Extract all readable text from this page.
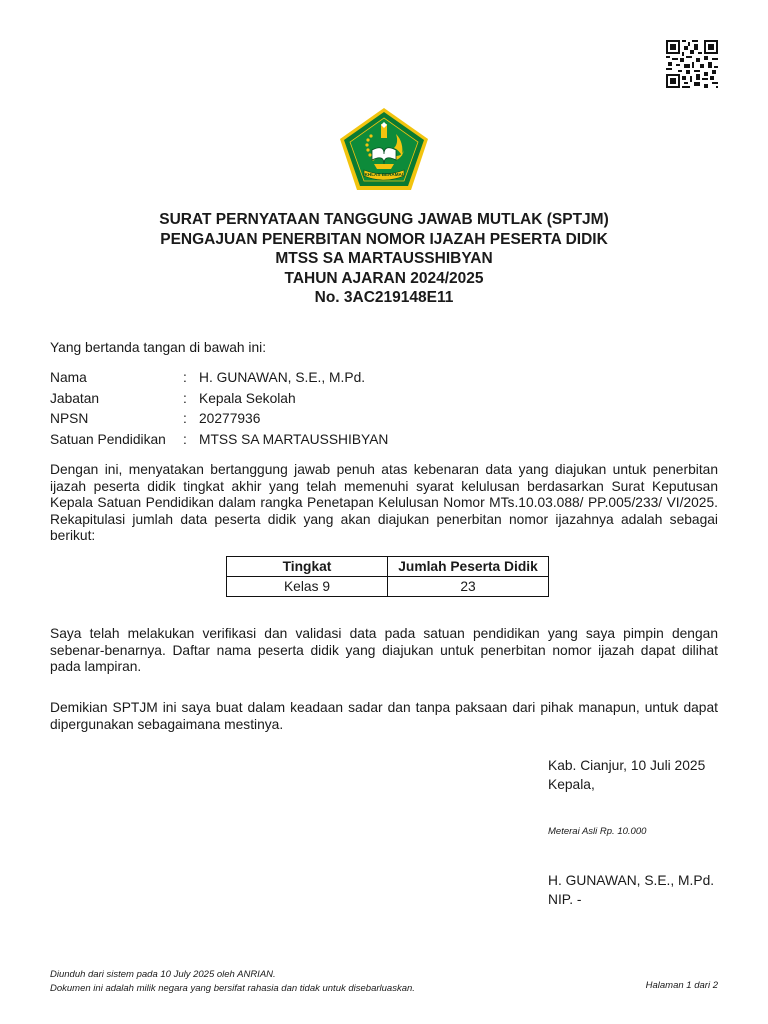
IKHLAS BERAMAL
SURAT PERNYATAAN TANGGUNG JAWAB MUTLAK (SPTJM)
PENGAJUAN PENERBITAN NOMOR IJAZAH PESERTA DIDIK
MTSS SA MARTAUSSHIBYAN
TAHUN AJARAN 2024/2025
No. 3AC219148E11
Yang bertanda tangan di bawah ini:
Nama	:	H. GUNAWAN, S.E., M.Pd.
Jabatan	:	Kepala Sekolah
NPSN	:	20277936
Satuan Pendidikan	:	MTSS SA MARTAUSSHIBYAN
Dengan ini, menyatakan bertanggung jawab penuh atas kebenaran data yang diajukan untuk penerbitan ijazah peserta didik tingkat akhir yang telah memenuhi syarat kelulusan berdasarkan Surat Keputusan Kepala Satuan Pendidikan dalam rangka Penetapan Kelulusan Nomor MTs.10.03.088/ PP.005/233/ VI/2025. Rekapitulasi jumlah data peserta didik yang akan diajukan penerbitan nomor ijazahnya adalah sebagai berikut:
Tingkat	Jumlah Peserta Didik
Kelas 9	23
Saya telah melakukan verifikasi dan validasi data pada satuan pendidikan yang saya pimpin dengan sebenar-benarnya. Daftar nama peserta didik yang diajukan untuk penerbitan nomor ijazah dapat dilihat pada lampiran.
Demikian SPTJM ini saya buat dalam keadaan sadar dan tanpa paksaan dari pihak manapun, untuk dapat dipergunakan sebagaimana mestinya.
Kab. Cianjur, 10 Juli 2025
Kepala,
Meterai Asli Rp. 10.000
H. GUNAWAN, S.E., M.Pd.
NIP. -
Diunduh dari sistem pada 10 July 2025 oleh ANRIAN.
Dokumen ini adalah milik negara yang bersifat rahasia dan tidak untuk disebarluaskan.	Halaman 1 dari 2
